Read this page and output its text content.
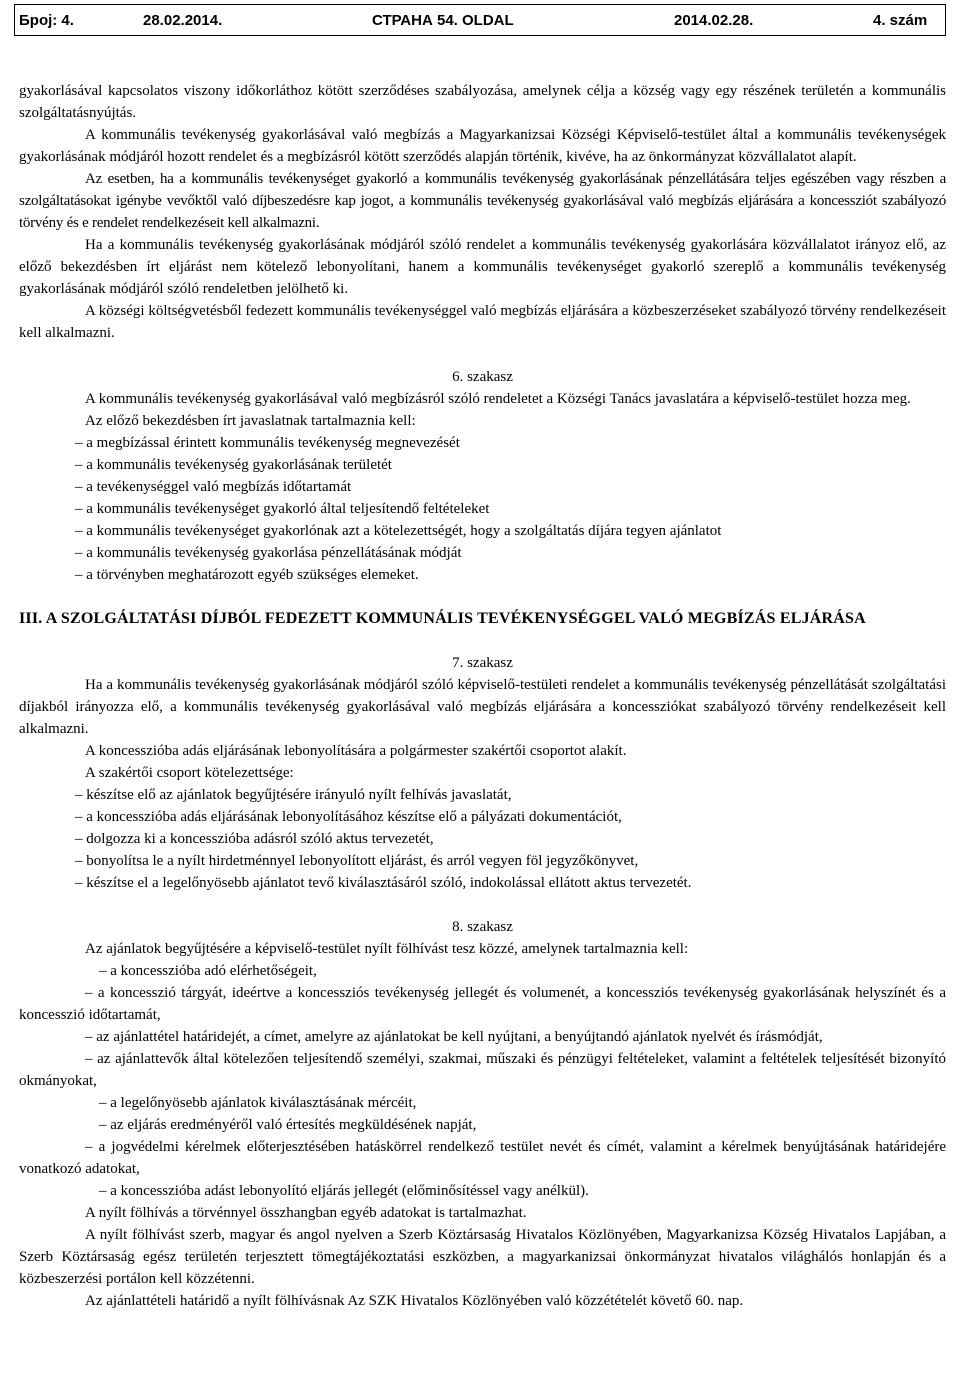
Број: 4.	28.02.2014.	СТРАНА 54. OLDAL	2014.02.28.	4. szám

gyakorlásával kapcsolatos viszony időkorláthoz kötött szerződéses szabályozása, amelynek célja a község vagy egy részének területén a kommunális szolgáltatásnyújtás.

A kommunális tevékenység gyakorlásával való megbízás a Magyarkanizsai Községi Képviselő-testület által a kommunális tevékenységek gyakorlásának módjáról hozott rendelet és a megbízásról kötött szerződés alapján történik, kivéve, ha az önkormányzat közvállalatot alapít.

Az esetben, ha a kommunális tevékenységet gyakorló a kommunális tevékenység gyakorlásának pénzellátására teljes egészében vagy részben a szolgáltatásokat igénybe vevőktől való díjbeszedésre kap jogot, a kommunális tevékenység gyakorlásával való megbízás eljárására a koncessziót szabályozó törvény és e rendelet rendelkezéseit kell alkalmazni.

Ha a kommunális tevékenység gyakorlásának módjáról szóló rendelet a kommunális tevékenység gyakorlására közvállalatot irányoz elő, az előző bekezdésben írt eljárást nem kötelező lebonyolítani, hanem a kommunális tevékenységet gyakorló szereplő a kommunális tevékenység gyakorlásának módjáról szóló rendeletben jelölhető ki.

A községi költségvetésből fedezett kommunális tevékenységgel való megbízás eljárására a közbeszerzéseket szabályozó törvény rendelkezéseit kell alkalmazni.

6. szakasz

A kommunális tevékenység gyakorlásával való megbízásról szóló rendeletet a Községi Tanács javaslatára a képviselő-testület hozza meg.

Az előző bekezdésben írt javaslatnak tartalmaznia kell:

– a megbízással érintett kommunális tevékenység megnevezését

– a kommunális tevékenység gyakorlásának területét

– a tevékenységgel való megbízás időtartamát

– a kommunális tevékenységet gyakorló által teljesítendő feltételeket

– a kommunális tevékenységet gyakorlónak azt a kötelezettségét, hogy a szolgáltatás díjára tegyen ajánlatot

– a kommunális tevékenység gyakorlása pénzellátásának módját

– a törvényben meghatározott egyéb szükséges elemeket.

III. A SZOLGÁLTATÁSI DÍJBÓL FEDEZETT KOMMUNÁLIS TEVÉKENYSÉGGEL VALÓ MEGBÍZÁS ELJÁRÁSA

7. szakasz

Ha a kommunális tevékenység gyakorlásának módjáról szóló képviselő-testületi rendelet a kommunális tevékenység pénzellátását szolgáltatási díjakból irányozza elő, a kommunális tevékenység gyakorlásával való megbízás eljárására a koncessziókat szabályozó törvény rendelkezéseit kell alkalmazni.

A koncesszióba adás eljárásának lebonyolítására a polgármester szakértői csoportot alakít.

A szakértői csoport kötelezettsége:

– készítse elő az ajánlatok begyűjtésére irányuló nyílt felhívás javaslatát,

– a koncesszióba adás eljárásának lebonyolításához készítse elő a pályázati dokumentációt,

– dolgozza ki a koncesszióba adásról szóló aktus tervezetét,

– bonyolítsa le a nyílt hirdetménnyel lebonyolított eljárást, és arról vegyen föl jegyzőkönyvet,

– készítse el a legelőnyösebb ajánlatot tevő kiválasztásáról szóló, indokolással ellátott aktus tervezetét.

8. szakasz

Az ajánlatok begyűjtésére a képviselő-testület nyílt fölhívást tesz közzé, amelynek tartalmaznia kell:

– a koncesszióba adó elérhetőségeit,

– a koncesszió tárgyát, ideértve a koncessziós tevékenység jellegét és volumenét, a koncessziós tevékenység gyakorlásának helyszínét és a koncesszió időtartamát,

– az ajánlattétel határidejét, a címet, amelyre az ajánlatokat be kell nyújtani, a benyújtandó ajánlatok nyelvét és írásmódját,

– az ajánlattevők által kötelezően teljesítendő személyi, szakmai, műszaki és pénzügyi feltételeket, valamint a feltételek teljesítését bizonyító okmányokat,

– a legelőnyösebb ajánlatok kiválasztásának mércéit,

– az eljárás eredményéről való értesítés megküldésének napját,

– a jogvédelmi kérelmek előterjesztésében hatáskörrel rendelkező testület nevét és címét, valamint a kérelmek benyújtásának határidejére vonatkozó adatokat,

– a koncesszióba adást lebonyolító eljárás jellegét (előminősítéssel vagy anélkül).

A nyílt fölhívás a törvénnyel összhangban egyéb adatokat is tartalmazhat.

A nyílt fölhívást szerb, magyar és angol nyelven a Szerb Köztársaság Hivatalos Közlönyében, Magyarkanizsa Község Hivatalos Lapjában, a Szerb Köztársaság egész területén terjesztett tömegtájékoztatási eszközben, a magyarkanizsai önkormányzat hivatalos világhálós honlapján és a közbeszerzési portálon kell közzétenni.

Az ajánlattételi határidő a nyílt fölhívásnak Az SZK Hivatalos Közlönyében való közzétételét követő 60. nap.
